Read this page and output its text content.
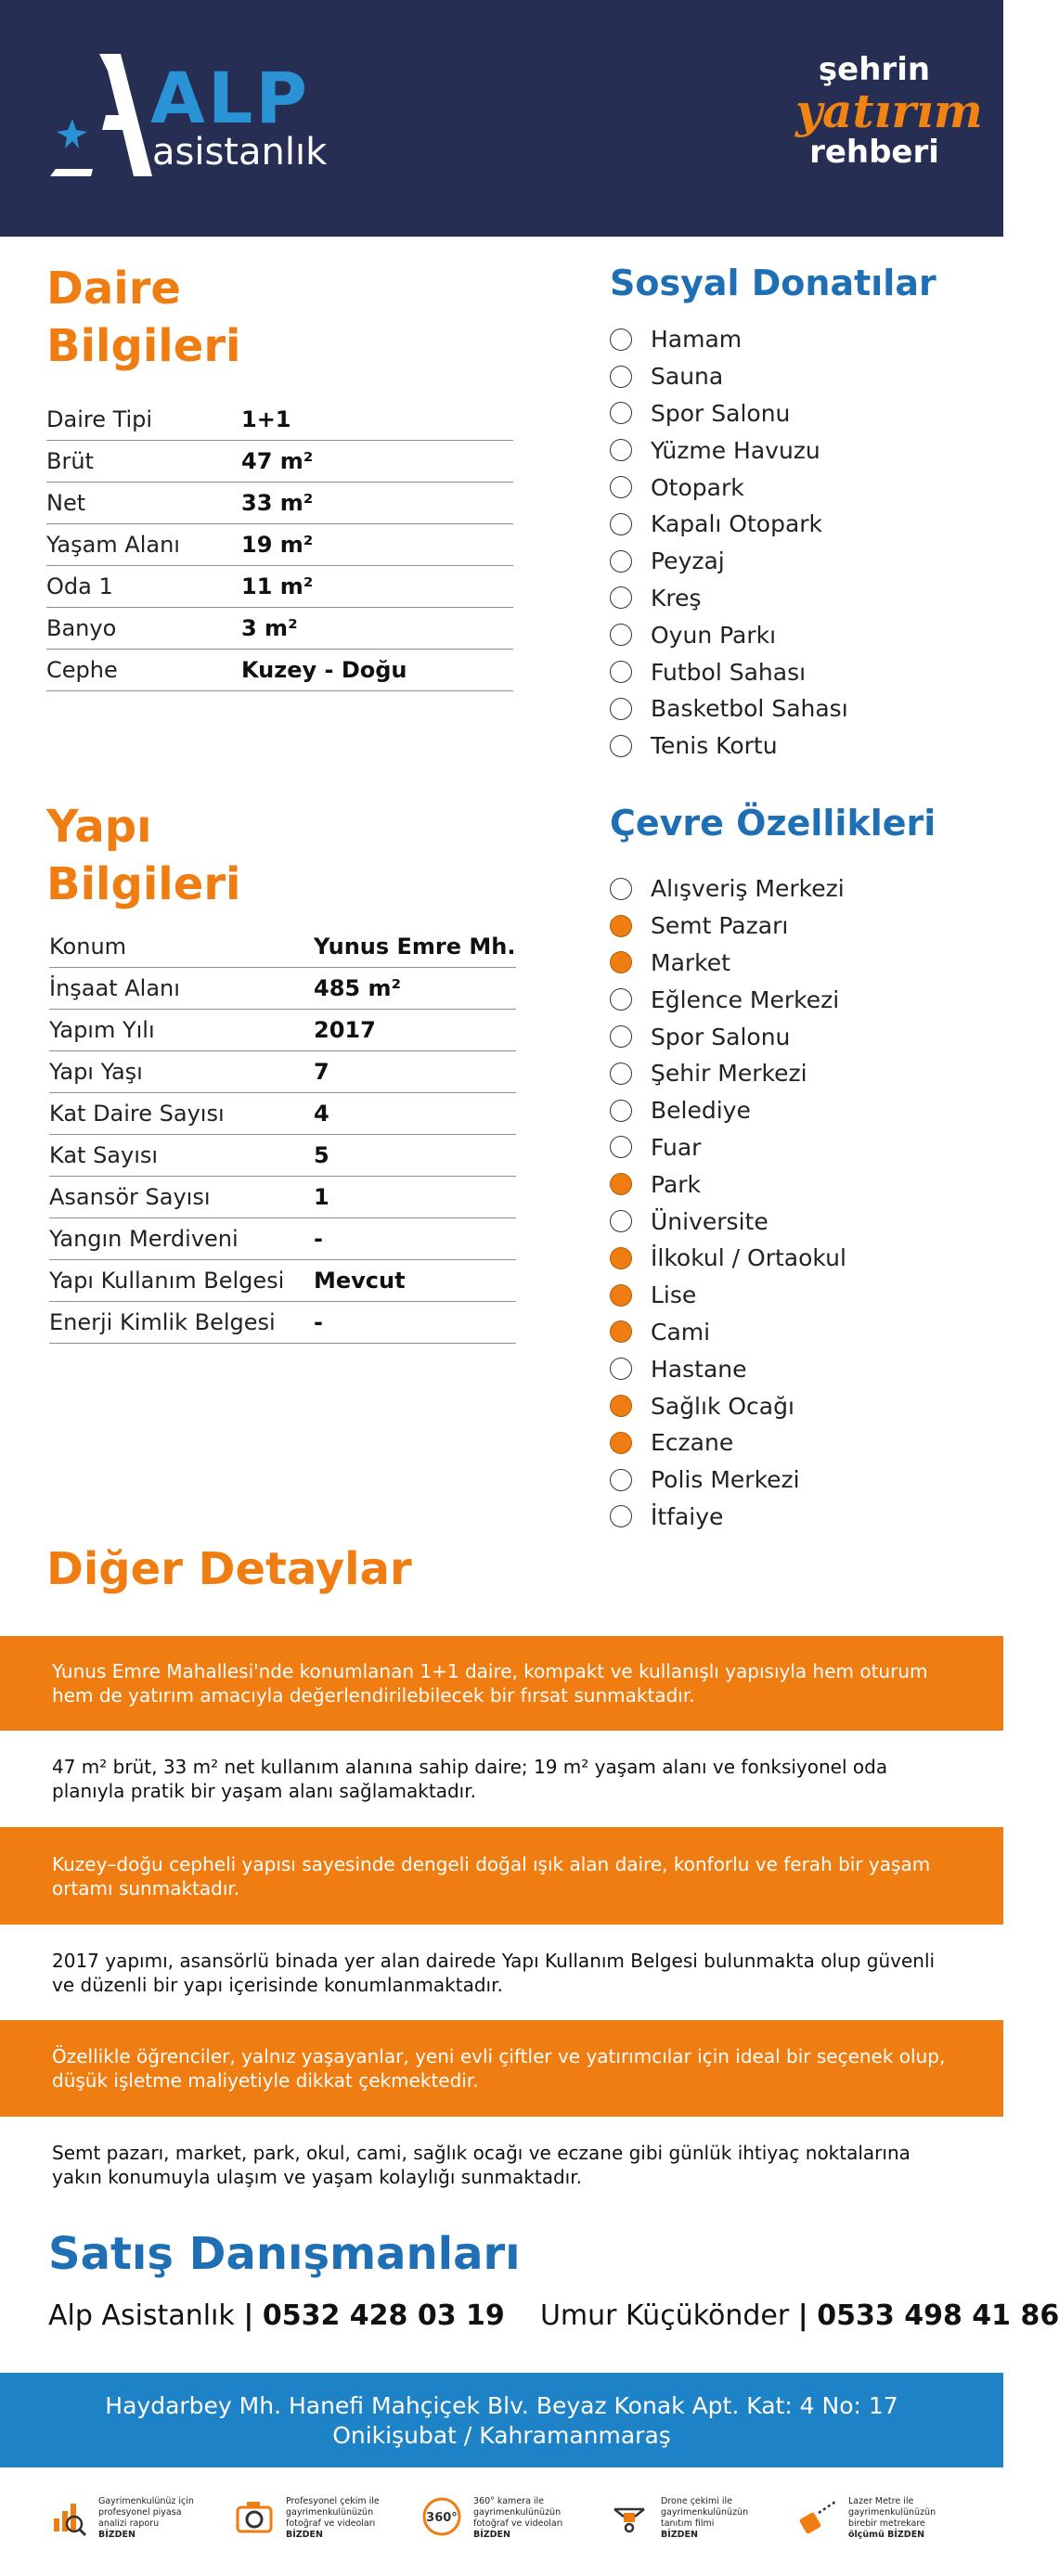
ALP
asistanlık
şehrin
yatırım
rehberi
Daire
Bilgileri
Daire Tipi	1+1
Brüt	47 m²
Net	33 m²
Yaşam Alanı	19 m²
Oda 1	11 m²
Banyo	3 m²
Cephe	Kuzey - Doğu
Sosyal Donatılar
Hamam
Sauna
Spor Salonu
Yüzme Havuzu
Otopark
Kapalı Otopark
Peyzaj
Kreş
Oyun Parkı
Futbol Sahası
Basketbol Sahası
Tenis Kortu
Yapı
Bilgileri
Konum	Yunus Emre Mh.
İnşaat Alanı	485 m²
Yapım Yılı	2017
Yapı Yaşı	7
Kat Daire Sayısı	4
Kat Sayısı	5
Asansör Sayısı	1
Yangın Merdiveni	-
Yapı Kullanım Belgesi	Mevcut
Enerji Kimlik Belgesi	-
Çevre Özellikleri
Alışveriş Merkezi
Semt Pazarı
Market
Eğlence Merkezi
Spor Salonu
Şehir Merkezi
Belediye
Fuar
Park
Üniversite
İlkokul / Ortaokul
Lise
Cami
Hastane
Sağlık Ocağı
Eczane
Polis Merkezi
İtfaiye
Diğer Detaylar
Yunus Emre Mahallesi'nde konumlanan 1+1 daire, kompakt ve kullanışlı yapısıyla hem oturum hem de yatırım amacıyla değerlendirilebilecek bir fırsat sunmaktadır.
47 m² brüt, 33 m² net kullanım alanına sahip daire; 19 m² yaşam alanı ve fonksiyonel oda planıyla pratik bir yaşam alanı sağlamaktadır.
Kuzey–doğu cepheli yapısı sayesinde dengeli doğal ışık alan daire, konforlu ve ferah bir yaşam ortamı sunmaktadır.
2017 yapımı, asansörlü binada yer alan dairede Yapı Kullanım Belgesi bulunmakta olup güvenli ve düzenli bir yapı içerisinde konumlanmaktadır.
Özellikle öğrenciler, yalnız yaşayanlar, yeni evli çiftler ve yatırımcılar için ideal bir seçenek olup, düşük işletme maliyetiyle dikkat çekmektedir.
Semt pazarı, market, park, okul, cami, sağlık ocağı ve eczane gibi günlük ihtiyaç noktalarına yakın konumuyla ulaşım ve yaşam kolaylığı sunmaktadır.
Satış Danışmanları
Alp Asistanlık | 0532 428 03 19 Umur Küçükönder | 0533 498 41 86
Haydarbey Mh. Hanefi Mahçiçek Blv. Beyaz Konak Apt. Kat: 4 No: 17
Onikişubat / Kahramanmaraş
Gayrimenkulünüz için
profesyonel piyasa
analizi raporu
BİZDEN
Profesyonel çekim ile
gayrimenkulünüzün
fotoğraf ve videoları
BİZDEN
360°
360° kamera ile
gayrimenkulünüzün
fotoğraf ve videoları
BİZDEN
Drone çekimi ile
gayrimenkulünüzün
tanıtım filmi
BİZDEN
Lazer Metre ile
gayrimenkulünüzün
birebir metrekare
ölçümü BİZDEN
